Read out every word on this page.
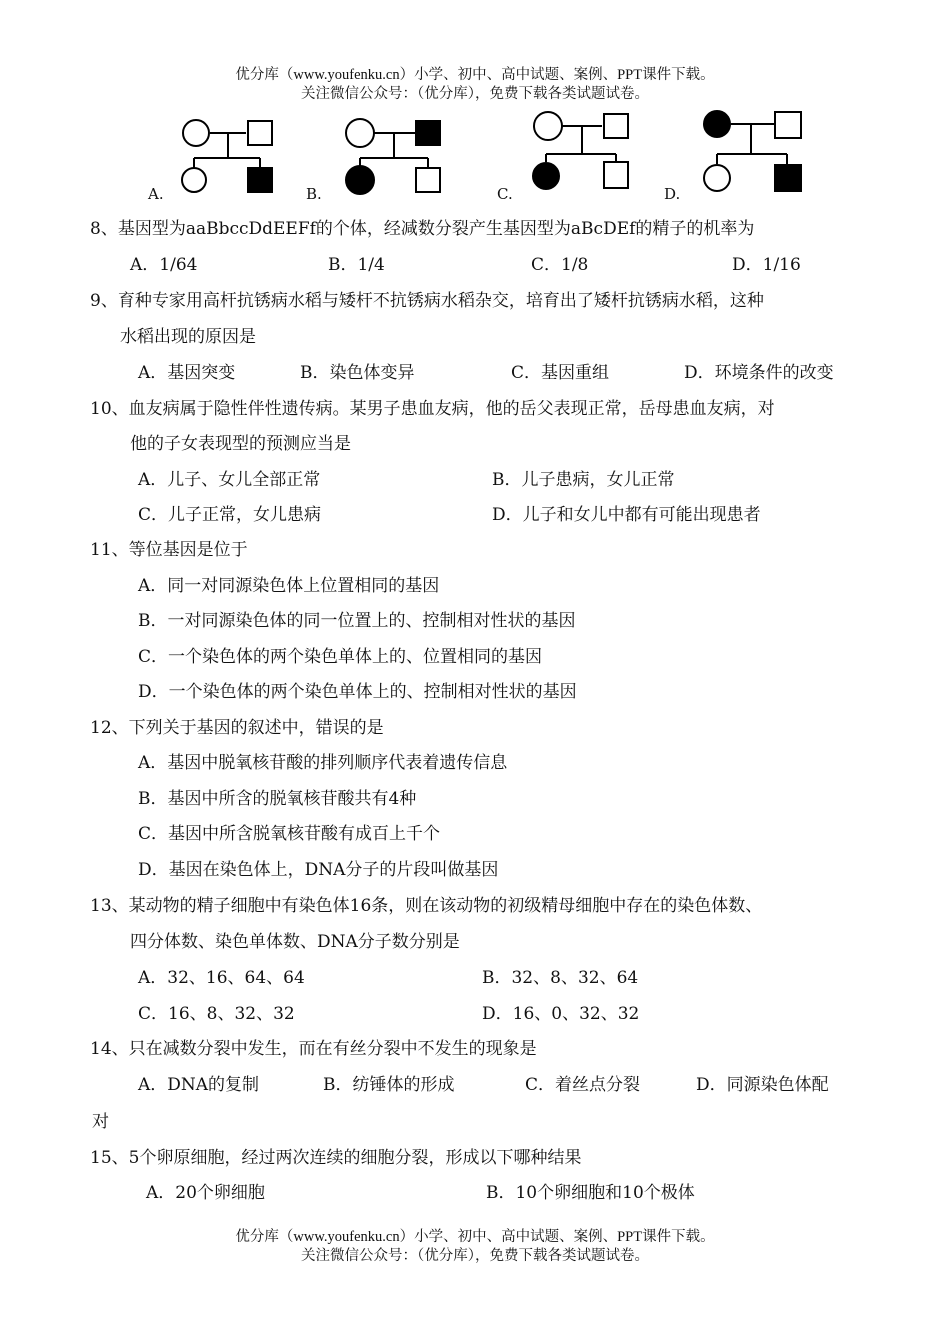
优分库（www.youfenku.cn）小学、初中、高中试题、案例、PPT课件下载。
关注微信公众号：（优分库），免费下载各类试题试卷。
A.	B.	C.	D.
8、基因型为aaBbccDdEEFf的个体，经减数分裂产生基因型为aBcDEf的精子的机率为
A．1/64	B．1/4	C．1/8	D．1/16
9、育种专家用高杆抗锈病水稻与矮杆不抗锈病水稻杂交，培育出了矮杆抗锈病水稻，这种
水稻出现的原因是
A．基因突变	B．染色体变异	C．基因重组	D．环境条件的改变
10、血友病属于隐性伴性遗传病。某男子患血友病，他的岳父表现正常，岳母患血友病，对
他的子女表现型的预测应当是
A．儿子、女儿全部正常	B．儿子患病，女儿正常
C．儿子正常，女儿患病	D．儿子和女儿中都有可能出现患者
11、等位基因是位于
A．同一对同源染色体上位置相同的基因
B．一对同源染色体的同一位置上的、控制相对性状的基因
C．一个染色体的两个染色单体上的、位置相同的基因
D．一个染色体的两个染色单体上的、控制相对性状的基因
12、下列关于基因的叙述中，错误的是
A．基因中脱氧核苷酸的排列顺序代表着遗传信息
B．基因中所含的脱氧核苷酸共有4种
C．基因中所含脱氧核苷酸有成百上千个
D．基因在染色体上，DNA分子的片段叫做基因
13、某动物的精子细胞中有染色体16条，则在该动物的初级精母细胞中存在的染色体数、
四分体数、染色单体数、DNA分子数分别是
A．32、16、64、64	B．32、8、32、64
C．16、8、32、32	D．16、0、32、32
14、只在减数分裂中发生，而在有丝分裂中不发生的现象是
A．DNA的复制	B．纺锤体的形成	C．着丝点分裂	D．同源染色体配
对
15、5个卵原细胞，经过两次连续的细胞分裂，形成以下哪种结果
A．20个卵细胞	B．10个卵细胞和10个极体
优分库（www.youfenku.cn）小学、初中、高中试题、案例、PPT课件下载。
关注微信公众号：（优分库），免费下载各类试题试卷。
